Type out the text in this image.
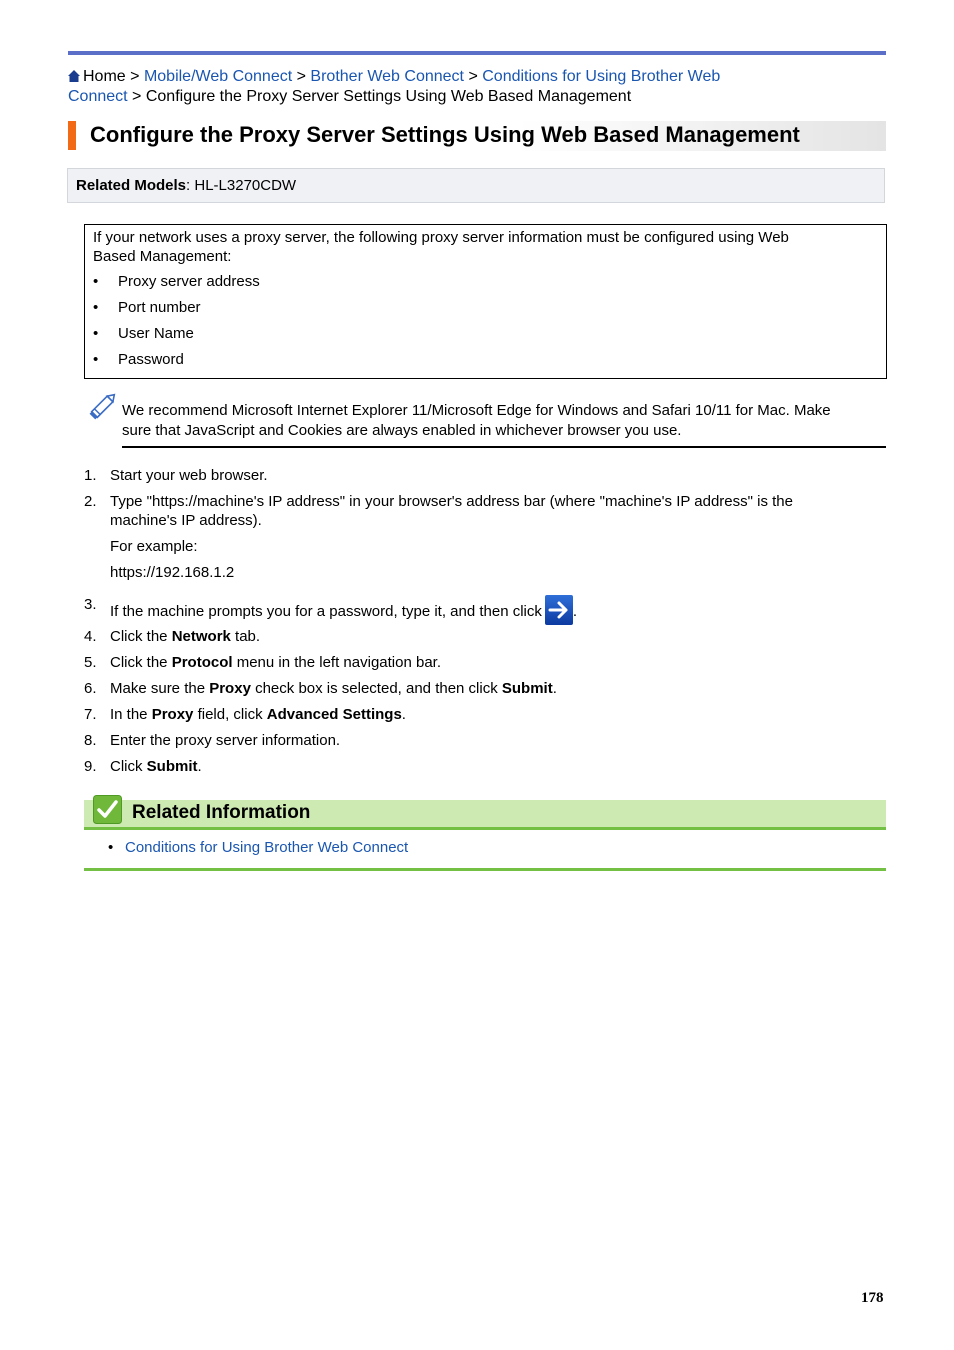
Home > Mobile/Web Connect > Brother Web Connect > Conditions for Using Brother Web
Connect > Configure the Proxy Server Settings Using Web Based Management
Configure the Proxy Server Settings Using Web Based Management
Related Models: HL-L3270CDW
If your network uses a proxy server, the following proxy server information must be configured using Web
Based Management:
• Proxy server address
• Port number
• User Name
• Password
We recommend Microsoft Internet Explorer 11/Microsoft Edge for Windows and Safari 10/11 for Mac. Make
sure that JavaScript and Cookies are always enabled in whichever browser you use.
1. Start your web browser.
2. Type "https://machine's IP address" in your browser's address bar (where "machine's IP address" is the
machine's IP address).
For example:
https://192.168.1.2
3. If the machine prompts you for a password, type it, and then click .
4. Click the Network tab.
5. Click the Protocol menu in the left navigation bar.
6. Make sure the Proxy check box is selected, and then click Submit.
7. In the Proxy field, click Advanced Settings.
8. Enter the proxy server information.
9. Click Submit.
Related Information
• Conditions for Using Brother Web Connect
178
